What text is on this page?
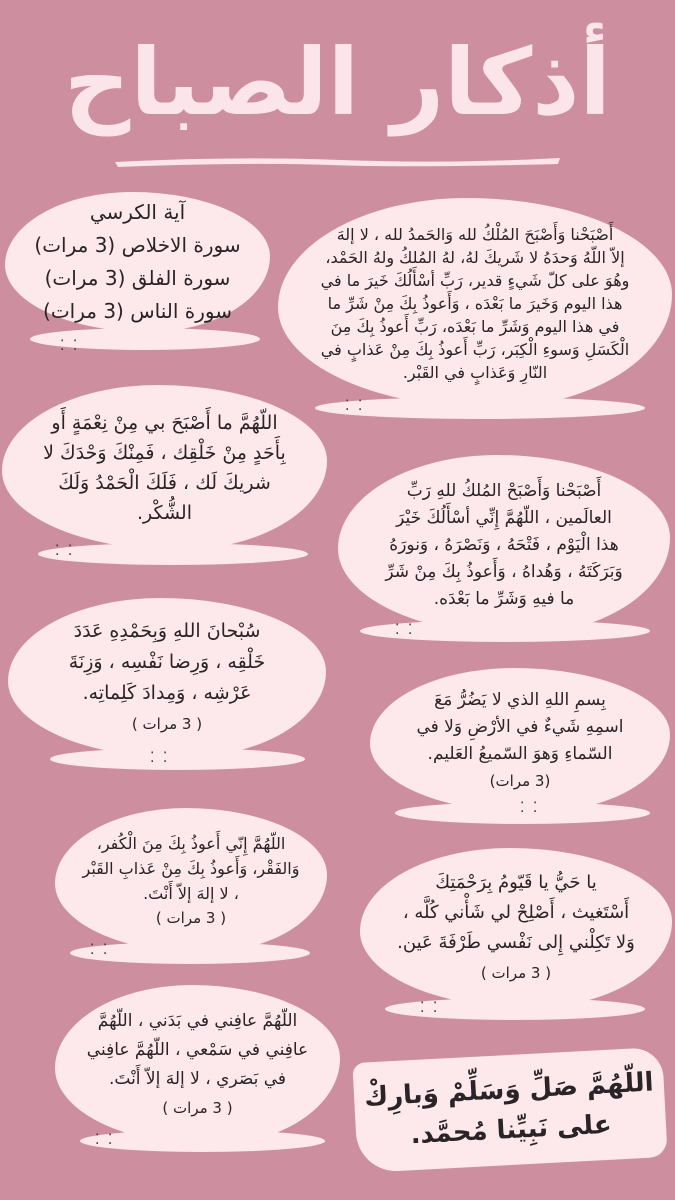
أذكار الصباح
آية الكرسي
سورة الاخلاص (3 مرات)
سورة الفلق (3 مرات)
سورة الناس (3 مرات)
⁚ ⁚
أَصْبَحْنا وَأَصْبَحَ المُلْكُ لله وَالحَمدُ لله ، لا إلهَ
إلاّ اللّهُ وَحدَهُ لا شَريكَ لهُ، لهُ المُلكُ ولهُ الحَمْد،
وهُوَ على كلّ شَيءٍ قدير، رَبِّ أسْأَلُكَ خَيرَ ما في
هذا اليوم وَخَيرَ ما بَعْدَه ، وَأَعوذُ بِكَ مِنْ شَرِّ ما
في هذا اليوم وَشَرِّ ما بَعْدَه، رَبِّ أَعوذُ بِكَ مِنَ
الْكَسَلِ وَسوءِ الْكِبَر، رَبِّ أَعوذُ بِكَ مِنْ عَذابٍ في
النّارِ وَعَذابٍ في القَبْر.
⁚ ⁚
اللّهُمَّ ما أَصْبَحَ بي مِنْ نِعْمَةٍ أَو
بِأَحَدٍ مِنْ خَلْقِك ، فَمِنْكَ وَحْدَكَ لا
شريكَ لَك ، فَلَكَ الْحَمْدُ وَلَكَ
الشُّكْر.
⁚ ⁚
أَصْبَحْنا وَأَصْبَحْ المُلكُ للهِ رَبِّ
العالَمين ، اللّهُمَّ إِنِّي أسْأَلُكَ خَيْرَ
هذا الْيَوْم ، فَتْحَهُ ، وَنَصْرَهُ ، وَنورَهُ
وَبَرَكَتَهُ ، وَهُداهُ ، وَأَعوذُ بِكَ مِنْ شَرِّ
ما فيهِ وَشَرِّ ما بَعْدَه.
⁚ ⁚
سُبْحانَ اللهِ وَبِحَمْدِهِ عَدَدَ
خَلْقِه ، وَرِضا نَفْسِه ، وَزِنَةَ
عَرْشِه ، وَمِدادَ كَلِماتِه.
( 3 مرات )
⁚ ⁚
بِسمِ اللهِ الذي لا يَضُرُّ مَعَ
اسمِهِ شَيءٌ في الأرْضِ وَلا في
السّماءِ وَهوَ السّميعُ العَليم.
(3 مرات)
⁚ ⁚
اللّهُمَّ إِنّي أَعوذُ بِكَ مِنَ الْكُفر،
وَالفَقْر، وَأَعوذُ بِكَ مِنْ عَذابِ القَبْر
، لا إلهَ إلاّ أَنْتَ.
( 3 مرات )
⁚ ⁚
يا حَيُّ يا قَيّومُ بِرَحْمَتِكَ
أَسْتَغيث ، أَصْلِحْ لي شَأْني كُلَّه ،
وَلا تَكِلْني إِلى نَفْسي طَرْفَةَ عَين.
( 3 مرات )
⁚ ⁚
اللّهُمَّ عافِني في بَدَني ، اللّهُمَّ
عافِني في سَمْعي ، اللّهُمَّ عافِني
في بَصَري ، لا إلهَ إلاّ أَنْتَ.
( 3 مرات )
⁚ ⁚
اللّهُمَّ صَلِّ وَسَلِّمْ وَبارِكْ
على نَبِيِّنا مُحمَّد.
